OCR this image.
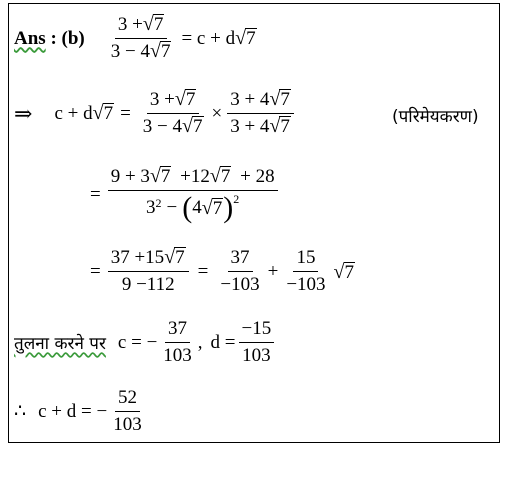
Ans : $(b) \frac{3 + √ 7}{3 - 4 √ 7} = c + d$ √ 7
⇒ c + d √ $7 = \frac{3 + √ 7}{3 - 4 √ 7} \times \frac{3 + 4 √ 7}{3 + 4 √ 7}$	(परिमेयकरण)
= $\frac{9 + 3 √ 7 +12 √ 7 + 28}{3^2 - ( 4 √ 7 )^2}$
= $\frac{37 +15 √ 7}{9 -112} = \frac{37}{-103} + \frac{15}{-103}$ √ 7
तुलना करने पर c = − $\frac{37}{103}$ , $d = \frac{-15}{103}$
∴ c + d = − $\frac{52}{103}$
